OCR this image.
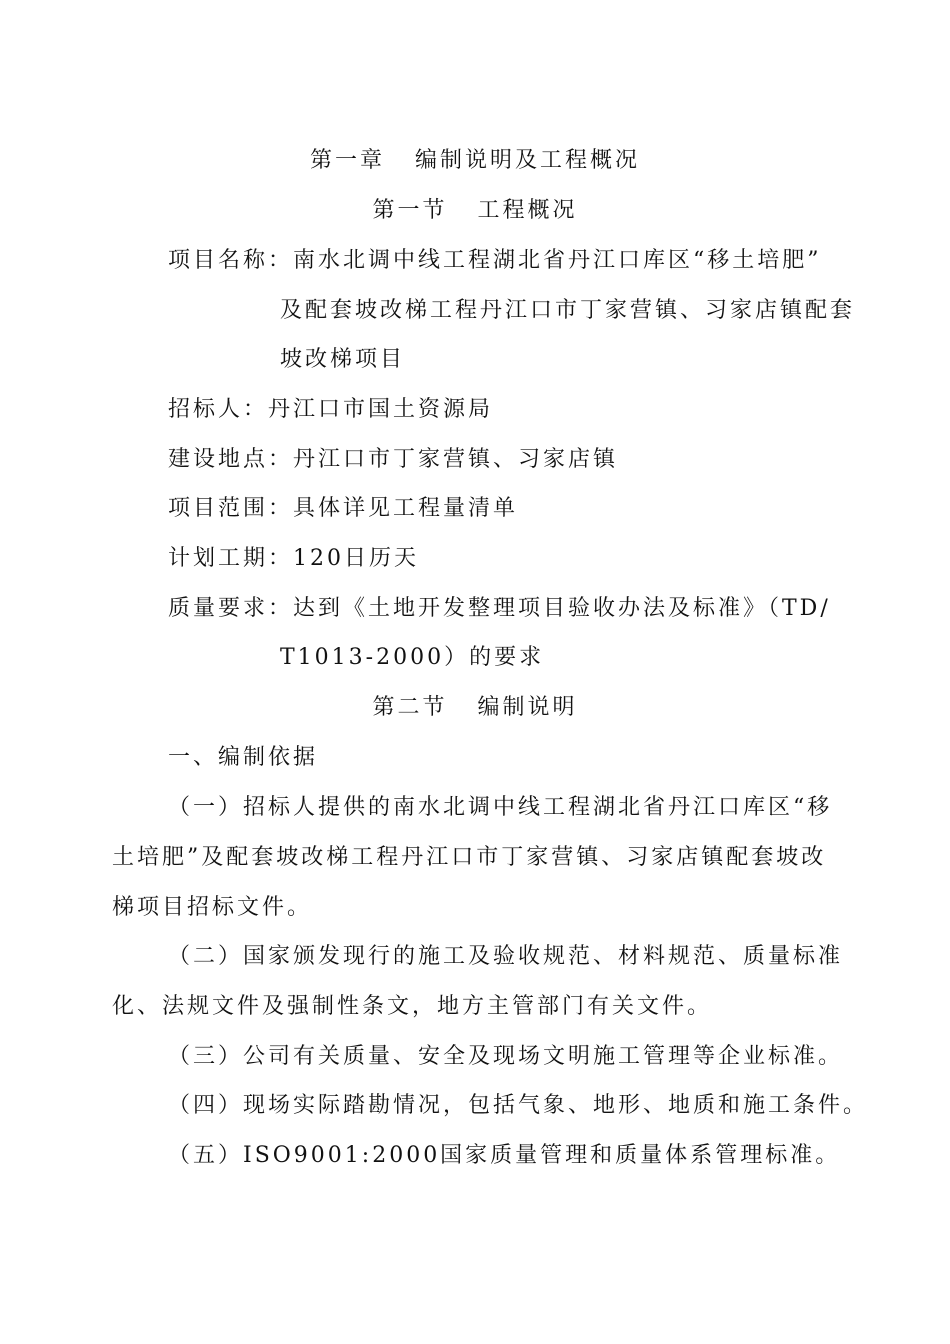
第一章 编制说明及工程概况
第一节 工程概况
项目名称：南水北调中线工程湖北省丹江口库区“移土培肥”
及配套坡改梯工程丹江口市丁家营镇、习家店镇配套
坡改梯项目
招标人：丹江口市国土资源局
建设地点：丹江口市丁家营镇、习家店镇
项目范围：具体详见工程量清单
计划工期：120日历天
质量要求：达到《土地开发整理项目验收办法及标准》（TD/
T1013-2000）的要求
第二节 编制说明
一、编制依据
（一）招标人提供的南水北调中线工程湖北省丹江口库区“移
土培肥”及配套坡改梯工程丹江口市丁家营镇、习家店镇配套坡改
梯项目招标文件。
（二）国家颁发现行的施工及验收规范、材料规范、质量标准
化、法规文件及强制性条文，地方主管部门有关文件。
（三）公司有关质量、安全及现场文明施工管理等企业标准。
（四）现场实际踏勘情况，包括气象、地形、地质和施工条件。
（五）ISO9001:2000国家质量管理和质量体系管理标准。
